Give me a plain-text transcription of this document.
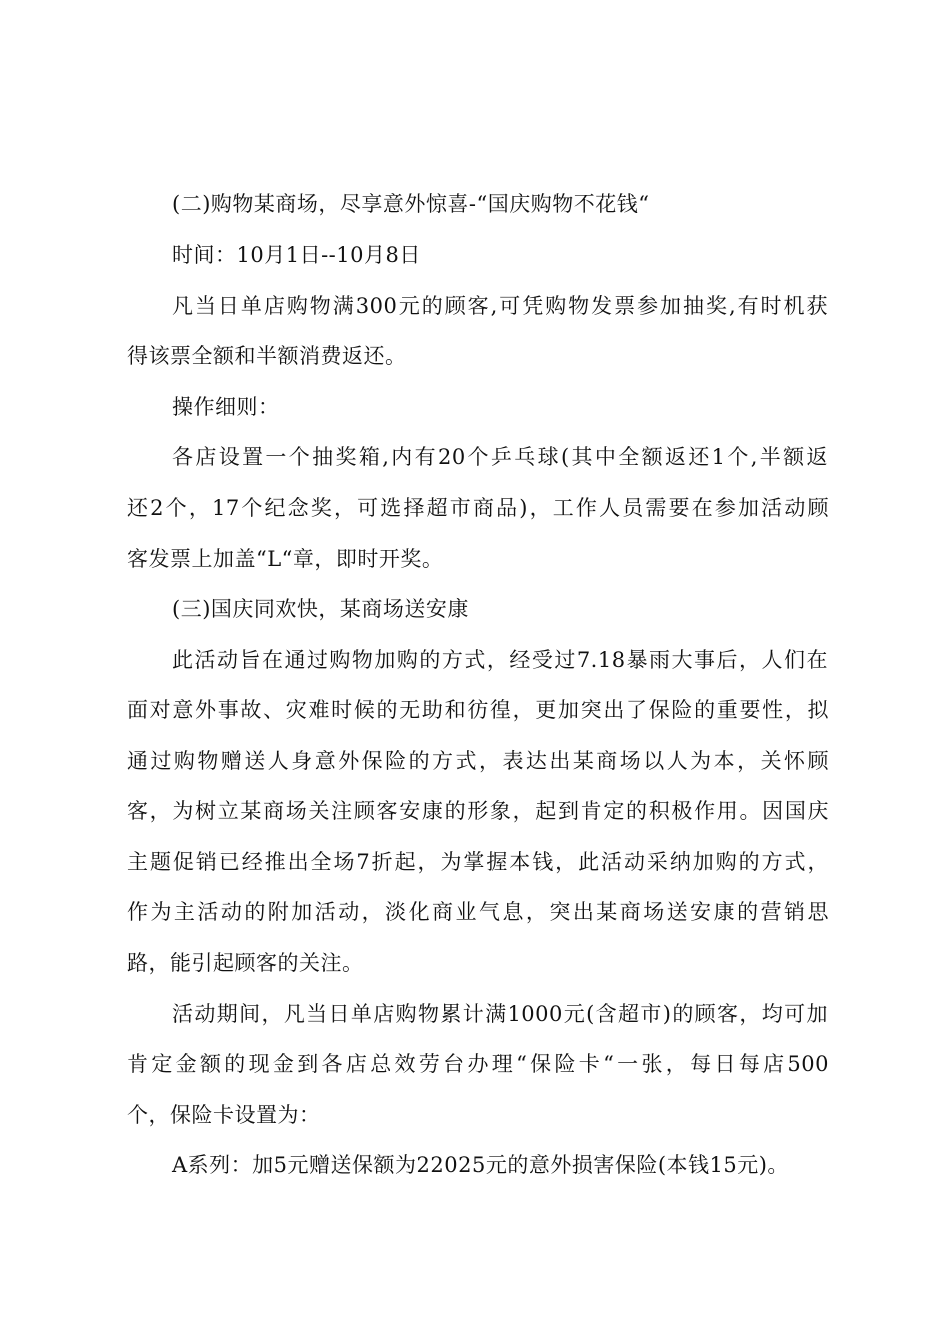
(二)购物某商场，尽享意外惊喜-“国庆购物不花钱“
时间：10月1日--10月8日
凡当日单店购物满300元的顾客,可凭购物发票参加抽奖,有时机获
得该票全额和半额消费返还。
操作细则：
各店设置一个抽奖箱,内有20个乒乓球(其中全额返还1个,半额返
还2个，17个纪念奖，可选择超市商品)，工作人员需要在参加活动顾
客发票上加盖“L“章，即时开奖。
(三)国庆同欢快，某商场送安康
此活动旨在通过购物加购的方式，经受过7.18暴雨大事后，人们在
面对意外事故、灾难时候的无助和彷徨，更加突出了保险的重要性，拟
通过购物赠送人身意外保险的方式，表达出某商场以人为本，关怀顾
客，为树立某商场关注顾客安康的形象，起到肯定的积极作用。因国庆
主题促销已经推出全场7折起，为掌握本钱，此活动采纳加购的方式，
作为主活动的附加活动，淡化商业气息，突出某商场送安康的营销思
路，能引起顾客的关注。
活动期间，凡当日单店购物累计满1000元(含超市)的顾客，均可加
肯定金额的现金到各店总效劳台办理“保险卡“一张，每日每店500
个，保险卡设置为：
A系列：加5元赠送保额为22025元的意外损害保险(本钱15元)。
